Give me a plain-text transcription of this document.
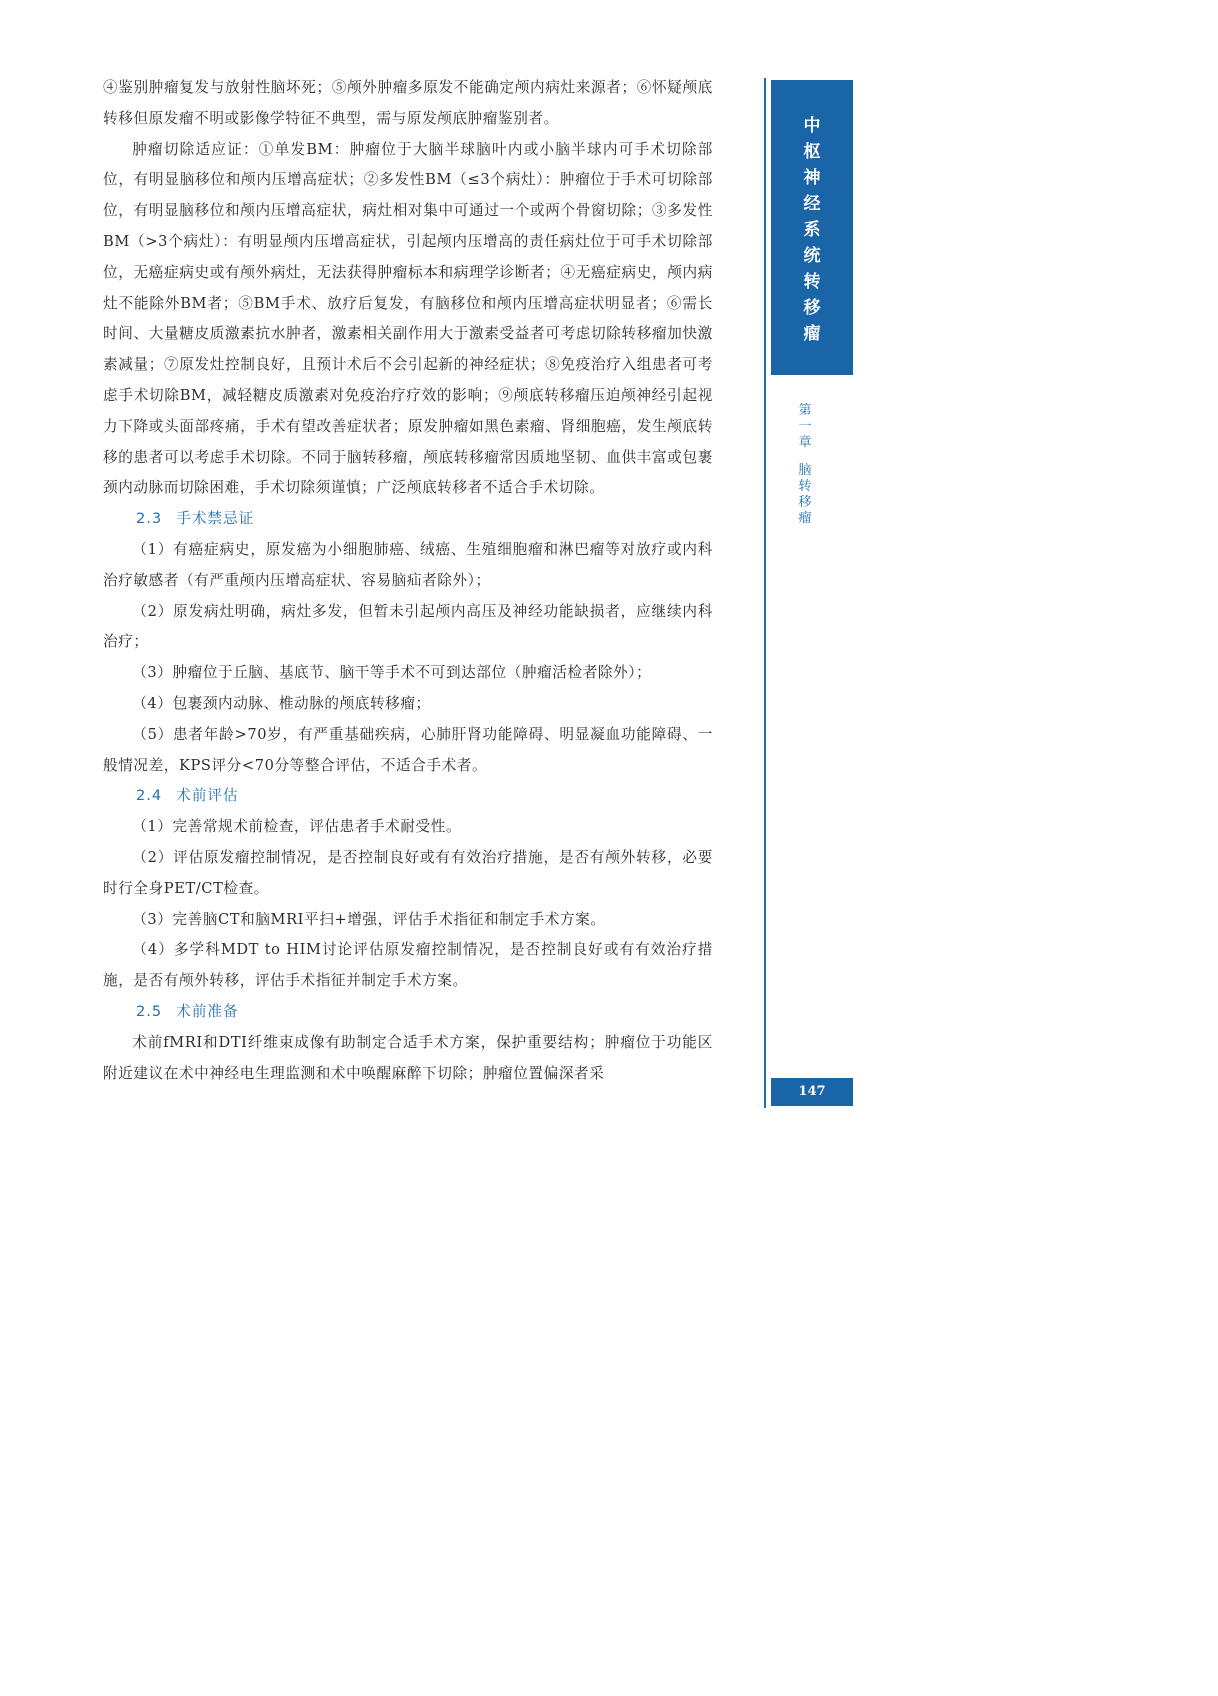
④鉴别肿瘤复发与放射性脑坏死；⑤颅外肿瘤多原发不能确定颅内病灶来源者；⑥怀疑颅底转移但原发瘤不明或影像学特征不典型，需与原发颅底肿瘤鉴别者。

肿瘤切除适应证：①单发BM：肿瘤位于大脑半球脑叶内或小脑半球内可手术切除部位，有明显脑移位和颅内压增高症状；②多发性BM（≤3个病灶）：肿瘤位于手术可切除部位，有明显脑移位和颅内压增高症状，病灶相对集中可通过一个或两个骨窗切除；③多发性BM（>3个病灶）：有明显颅内压增高症状，引起颅内压增高的责任病灶位于可手术切除部位，无癌症病史或有颅外病灶，无法获得肿瘤标本和病理学诊断者；④无癌症病史，颅内病灶不能除外BM者；⑤BM手术、放疗后复发，有脑移位和颅内压增高症状明显者；⑥需长时间、大量糖皮质激素抗水肿者，激素相关副作用大于激素受益者可考虑切除转移瘤加快激素减量；⑦原发灶控制良好，且预计术后不会引起新的神经症状；⑧免疫治疗入组患者可考虑手术切除BM，减轻糖皮质激素对免疫治疗疗效的影响；⑨颅底转移瘤压迫颅神经引起视力下降或头面部疼痛，手术有望改善症状者；原发肿瘤如黑色素瘤、肾细胞癌，发生颅底转移的患者可以考虑手术切除。不同于脑转移瘤，颅底转移瘤常因质地坚韧、血供丰富或包裹颈内动脉而切除困难，手术切除须谨慎；广泛颅底转移者不适合手术切除。

2.3 手术禁忌证

（1）有癌症病史，原发癌为小细胞肺癌、绒癌、生殖细胞瘤和淋巴瘤等对放疗或内科治疗敏感者（有严重颅内压增高症状、容易脑疝者除外）；

（2）原发病灶明确，病灶多发，但暂未引起颅内高压及神经功能缺损者，应继续内科治疗；

（3）肿瘤位于丘脑、基底节、脑干等手术不可到达部位（肿瘤活检者除外）；

（4）包裹颈内动脉、椎动脉的颅底转移瘤；

（5）患者年龄>70岁，有严重基础疾病，心肺肝肾功能障碍、明显凝血功能障碍、一般情况差，KPS评分<70分等整合评估，不适合手术者。

2.4 术前评估

（1）完善常规术前检查，评估患者手术耐受性。

（2）评估原发瘤控制情况，是否控制良好或有有效治疗措施，是否有颅外转移，必要时行全身PET/CT检查。

（3）完善脑CT和脑MRI平扫+增强，评估手术指征和制定手术方案。

（4）多学科MDT to HIM讨论评估原发瘤控制情况，是否控制良好或有有效治疗措施，是否有颅外转移，评估手术指征并制定手术方案。

2.5 术前准备

术前fMRI和DTI纤维束成像有助制定合适手术方案，保护重要结构；肿瘤位于功能区附近建议在术中神经电生理监测和术中唤醒麻醉下切除；肿瘤位置偏深者采

中
枢
神
经
系
统
转
移
瘤
第
一
章
脑
转
移
瘤
147
